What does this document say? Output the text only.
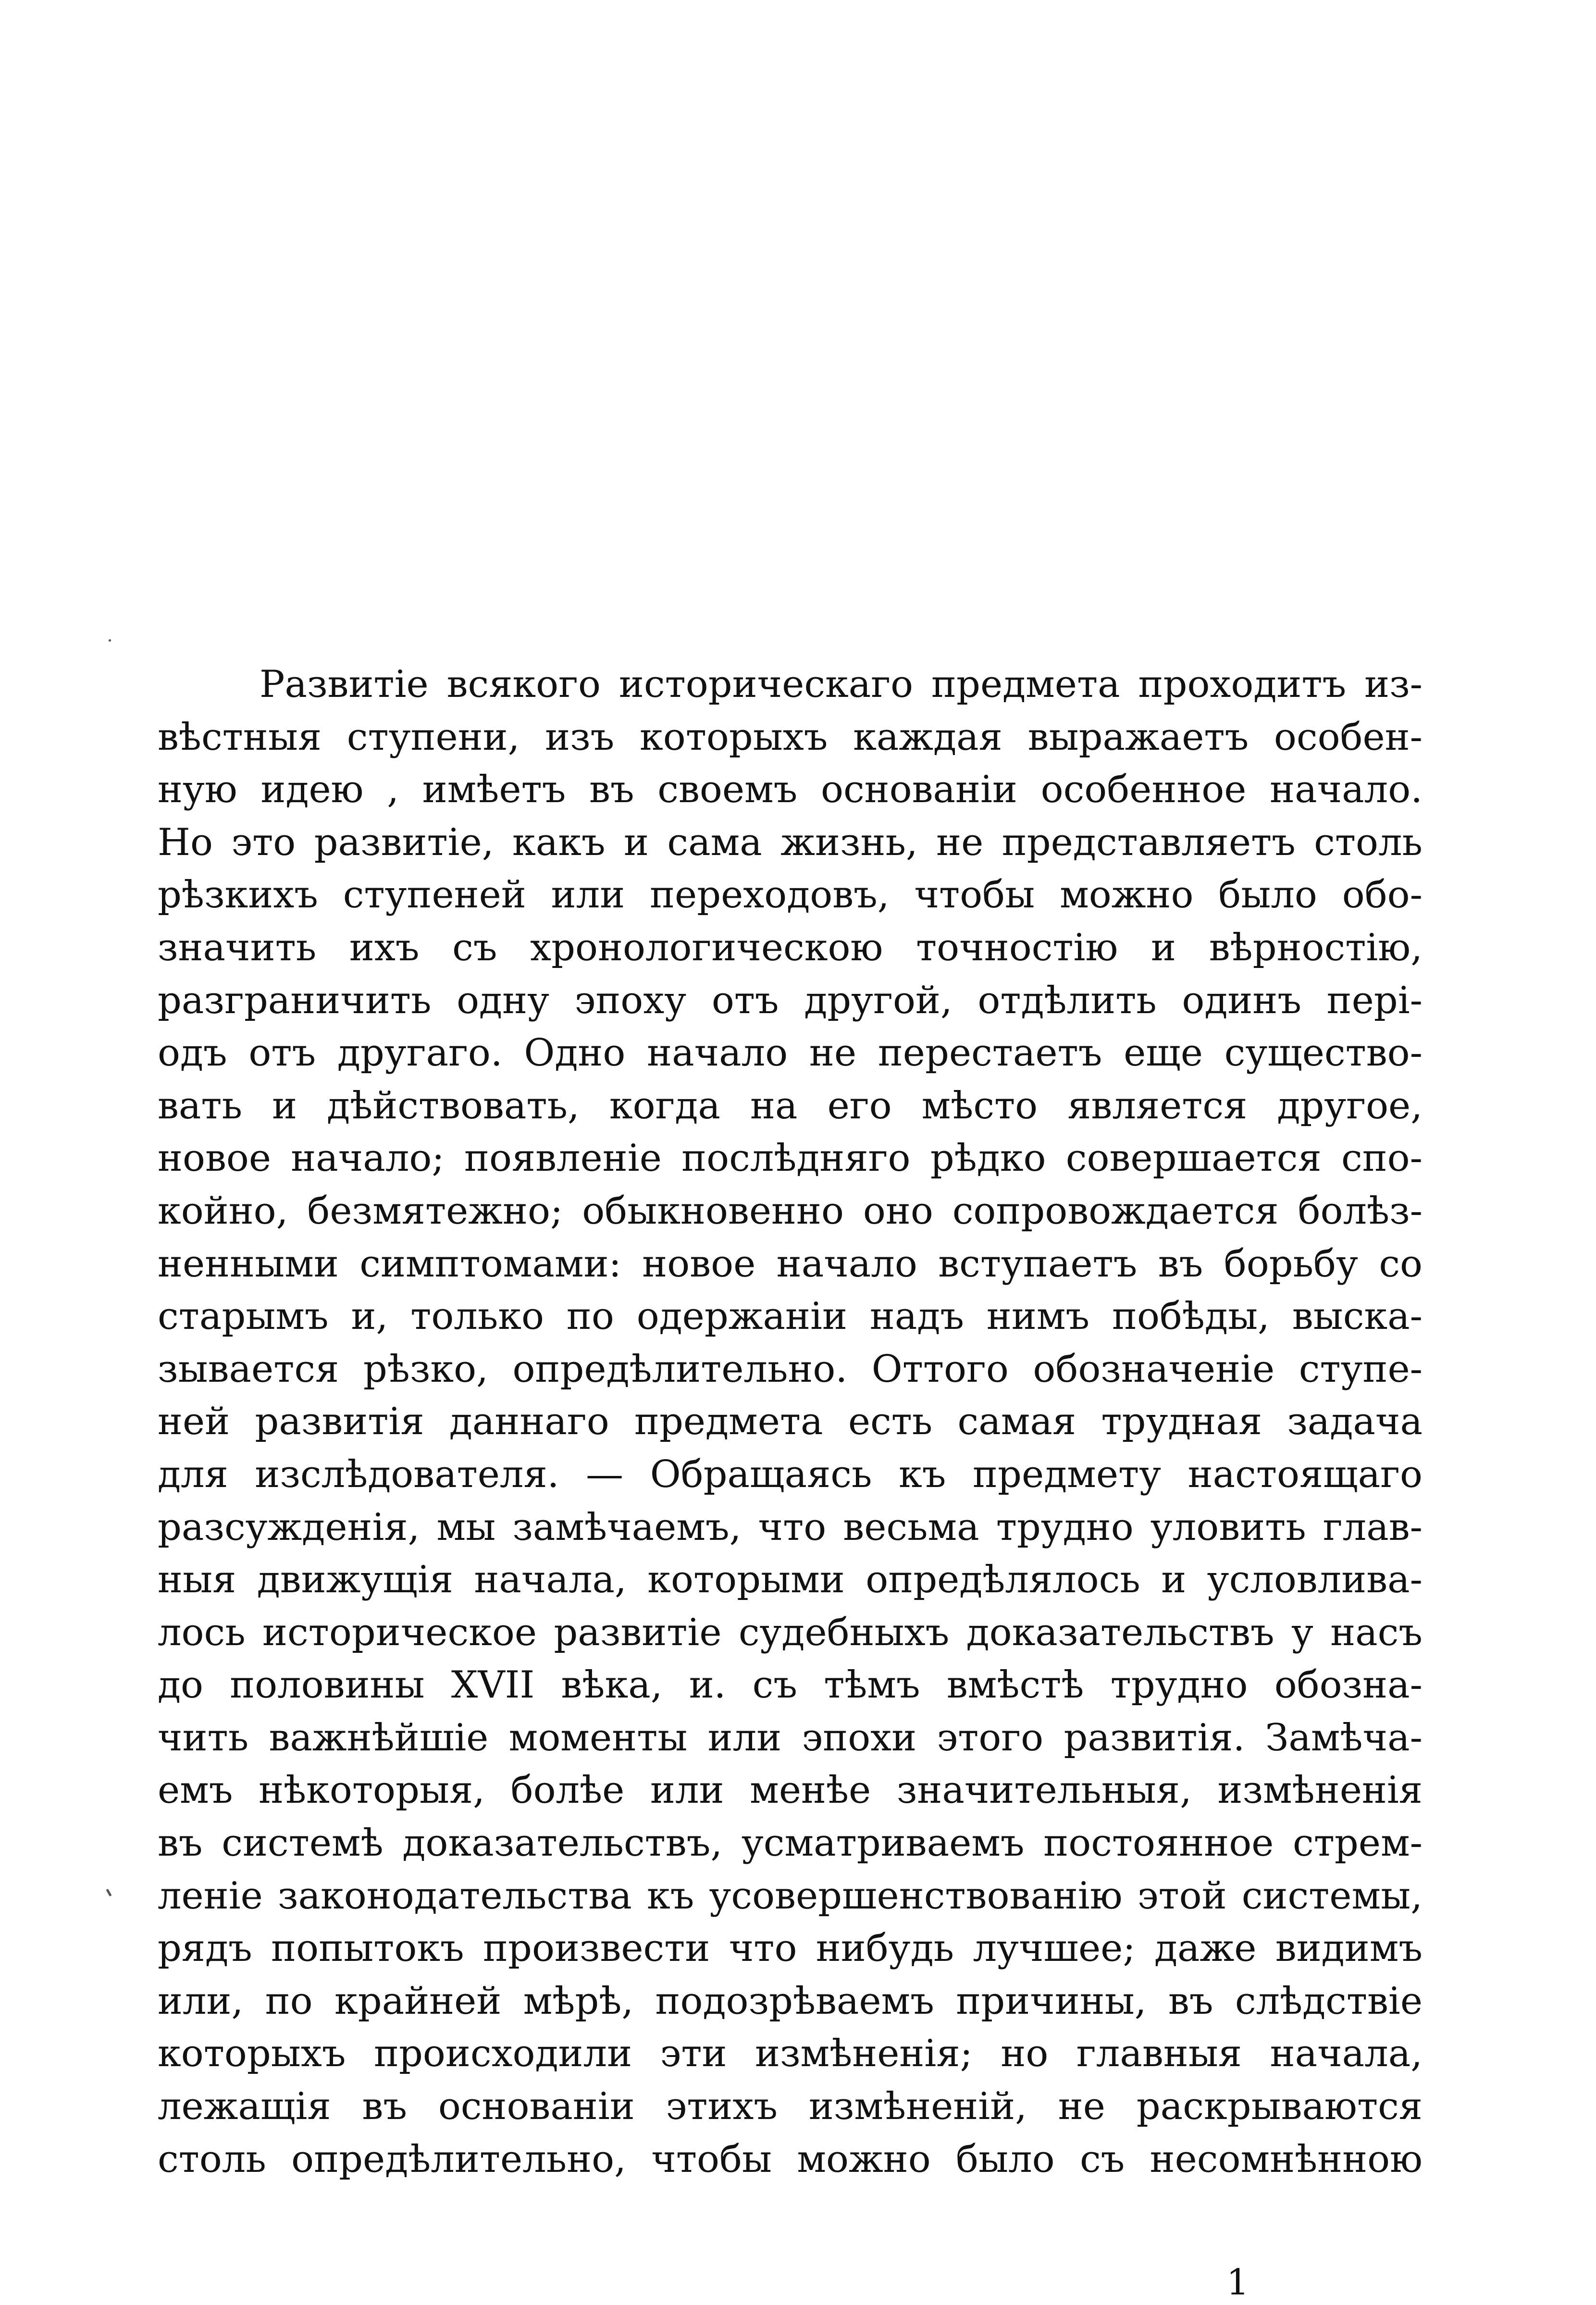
Развитіе всякого историческаго предмета проходитъ из-
вѣстныя ступени, изъ которыхъ каждая выражаетъ особен-
ную идею , имѣетъ въ своемъ основаніи особенное начало.
Но это развитіе, какъ и сама жизнь, не представляетъ столь
рѣзкихъ ступеней или переходовъ, чтобы можно было обо-
значить ихъ съ хронологическою точностію и вѣрностію,
разграничить одну эпоху отъ другой, отдѣлить одинъ пері-
одъ отъ другаго. Одно начало не перестаетъ еще существо-
вать и дѣйствовать, когда на его мѣсто является другое,
новое начало; появленіе послѣдняго рѣдко совершается спо-
койно, безмятежно; обыкновенно оно сопровождается болѣз-
ненными симптомами: новое начало вступаетъ въ борьбу со
старымъ и, только по одержаніи надъ нимъ побѣды, выска-
зывается рѣзко, опредѣлительно. Оттого обозначеніе ступе-
ней развитія даннаго предмета есть самая трудная задача
для изслѣдователя. — Обращаясь къ предмету настоящаго
разсужденія, мы замѣчаемъ, что весьма трудно уловить глав-
ныя движущія начала, которыми опредѣлялось и условлива-
лось историческое развитіе судебныхъ доказательствъ у насъ
до половины XVII вѣка, и. съ тѣмъ вмѣстѣ трудно обозна-
чить важнѣйшіе моменты или эпохи этого развитія. Замѣча-
емъ нѣкоторыя, болѣе или менѣе значительныя, измѣненія
въ системѣ доказательствъ, усматриваемъ постоянное стрем-
леніе законодательства къ усовершенствованію этой системы,
рядъ попытокъ произвести что нибудь лучшее; даже видимъ
или, по крайней мѣрѣ, подозрѣваемъ причины, въ слѣдствіе
которыхъ происходили эти измѣненія; но главныя начала,
лежащія въ основаніи этихъ измѣненій, не раскрываются
столь опредѣлительно, чтобы можно было съ несомнѣнною
1
